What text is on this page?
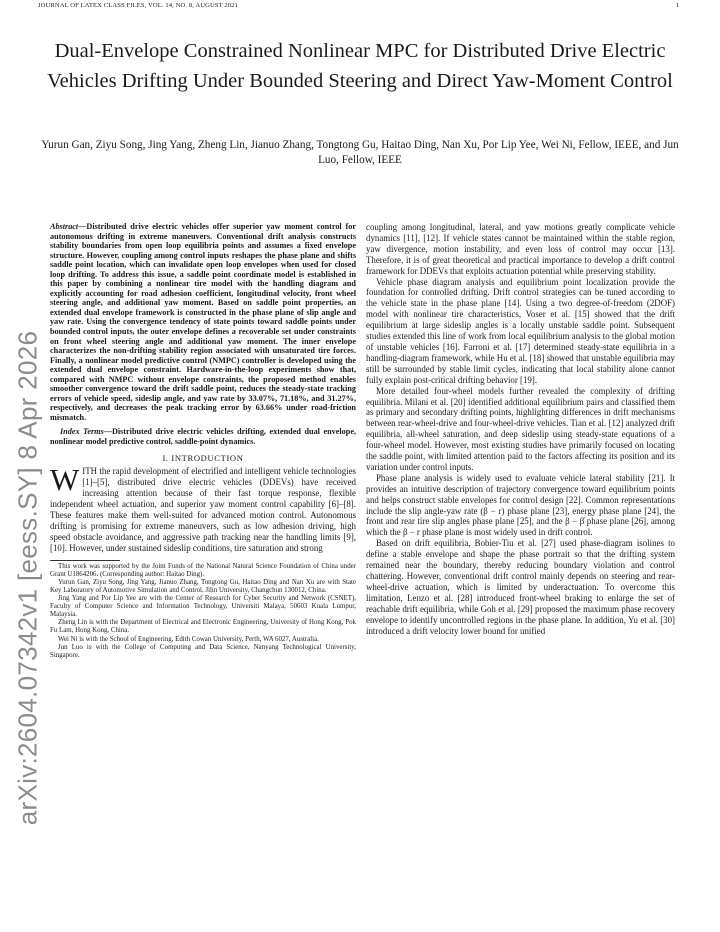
JOURNAL OF LATEX CLASS FILES, VOL. 14, NO. 8, AUGUST 2021	1
Dual-Envelope Constrained Nonlinear MPC for Distributed Drive Electric Vehicles Drifting Under Bounded Steering and Direct Yaw-Moment Control
Yurun Gan, Ziyu Song, Jing Yang, Zheng Lin, Jianuo Zhang, Tongtong Gu, Haitao Ding, Nan Xu, Por Lip Yee, Wei Ni, Fellow, IEEE, and Jun Luo, Fellow, IEEE
arXiv:2604.07342v1 [eess.SY] 8 Apr 2026

Abstract—Distributed drive electric vehicles offer superior yaw moment control for autonomous drifting in extreme maneuvers. Conventional drift analysis constructs stability boundaries from open loop equilibria points and assumes a fixed envelope structure. However, coupling among control inputs reshapes the phase plane and shifts saddle point location, which can invalidate open loop envelopes when used for closed loop drifting. To address this issue, a saddle point coordinate model is established in this paper by combining a nonlinear tire model with the handling diagram and explicitly accounting for road adhesion coefficient, longitudinal velocity, front wheel steering angle, and additional yaw moment. Based on saddle point properties, an extended dual envelope framework is constructed in the phase plane of slip angle and yaw rate. Using the convergence tendency of state points toward saddle points under bounded control inputs, the outer envelope defines a recoverable set under constraints on front wheel steering angle and additional yaw moment. The inner envelope characterizes the non-drifting stability region associated with unsaturated tire forces. Finally, a nonlinear model predictive control (NMPC) controller is developed using the extended dual envelope constraint. Hardware-in-the-loop experiments show that, compared with NMPC without envelope constraints, the proposed method enables smoother convergence toward the drift saddle point, reduces the steady-state tracking errors of vehicle speed, sideslip angle, and yaw rate by 33.07%, 71.18%, and 31.27%, respectively, and decreases the peak tracking error by 63.66% under road-friction mismatch.

Index Terms—Distributed drive electric vehicles drifting, extended dual envelope, nonlinear model predictive control, saddle-point dynamics.

I. INTRODUCTION

WITH the rapid development of electrified and intelligent vehicle technologies [1]–[5], distributed drive electric vehicles (DDEVs) have received increasing attention because of their fast torque response, flexible independent wheel actuation, and superior yaw moment control capability [6]–[8]. These features make them well-suited for advanced motion control. Autonomous drifting is promising for extreme maneuvers, such as low adhesion driving, high speed obstacle avoidance, and aggressive path tracking near the handling limits [9], [10]. However, under sustained sideslip conditions, tire saturation and strong

This work was supported by the Joint Funds of the National Natural Science Foundation of China under Grant U1864206. (Corresponding author: Haitao Ding).

Yurun Gan, Ziyu Song, Jing Yang, Jianuo Zhang, Tongtong Gu, Haitao Ding and Nan Xu are with State Key Laboratory of Automotive Simulation and Control, Jilin University, Changchun 130012, China.

Jing Yang and Por Lip Yee are with the Center of Research for Cyber Security and Network (CSNET), Faculty of Computer Science and Information Technology, Universiti Malaya, 50603 Kuala Lumpur, Malaysia.

Zheng Lin is with the Department of Electrical and Electronic Engineering, University of Hong Kong, Pok Fu Lam, Hong Kong, China.

Wei Ni is with the School of Engineering, Edith Cowan University, Perth, WA 6027, Australia.

Jun Luo is with the College of Computing and Data Science, Nanyang Technological University, Singapore.

coupling among longitudinal, lateral, and yaw motions greatly complicate vehicle dynamics [11], [12]. If vehicle states cannot be maintained within the stable region, yaw divergence, motion instability, and even loss of control may occur [13]. Therefore, it is of great theoretical and practical importance to develop a drift control framework for DDEVs that exploits actuation potential while preserving stability.

Vehicle phase diagram analysis and equilibrium point localization provide the foundation for controlled drifting. Drift control strategies can be tuned according to the vehicle state in the phase plane [14]. Using a two degree-of-freedom (2DOF) model with nonlinear tire characteristics, Voser et al. [15] showed that the drift equilibrium at large sideslip angles is a locally unstable saddle point. Subsequent studies extended this line of work from local equilibrium analysis to the global motion of unstable vehicles [16]. Farroni et al. [17] determined steady-state equilibria in a handling-diagram framework, while Hu et al. [18] showed that unstable equilibria may still be surrounded by stable limit cycles, indicating that local stability alone cannot fully explain post-critical drifting behavior [19].

More detailed four-wheel models further revealed the complexity of drifting equilibria. Milani et al. [20] identified additional equilibrium pairs and classified them as primary and secondary drifting points, highlighting differences in drift mechanisms between rear-wheel-drive and four-wheel-drive vehicles. Tian et al. [12] analyzed drift equilibria, all-wheel saturation, and deep sideslip using steady-state equations of a four-wheel model. However, most existing studies have primarily focused on locating the saddle point, with limited attention paid to the factors affecting its position and its variation under control inputs.

Phase plane analysis is widely used to evaluate vehicle lateral stability [21]. It provides an intuitive description of trajectory convergence toward equilibrium points and helps construct stable envelopes for control design [22]. Common representations include the slip angle-yaw rate (β − r) phase plane [23], energy phase plane [24], the front and rear tire slip angles phase plane [25], and the β − β̇ phase plane [26], among which the β − r phase plane is most widely used in drift control.

Based on drift equilibria, Bobier-Tiu et al. [27] used phase-diagram isolines to define a stable envelope and shape the phase portrait so that the drifting system remained near the boundary, thereby reducing boundary violation and control chattering. However, conventional drift control mainly depends on steering and rear-wheel-drive actuation, which is limited by underactuation. To overcome this limitation, Lenzo et al. [28] introduced front-wheel braking to enlarge the set of reachable drift equilibria, while Goh et al. [29] proposed the maximum phase recovery envelope to identify uncontrolled regions in the phase plane. In addition, Yu et al. [30] introduced a drift velocity lower bound for unified
